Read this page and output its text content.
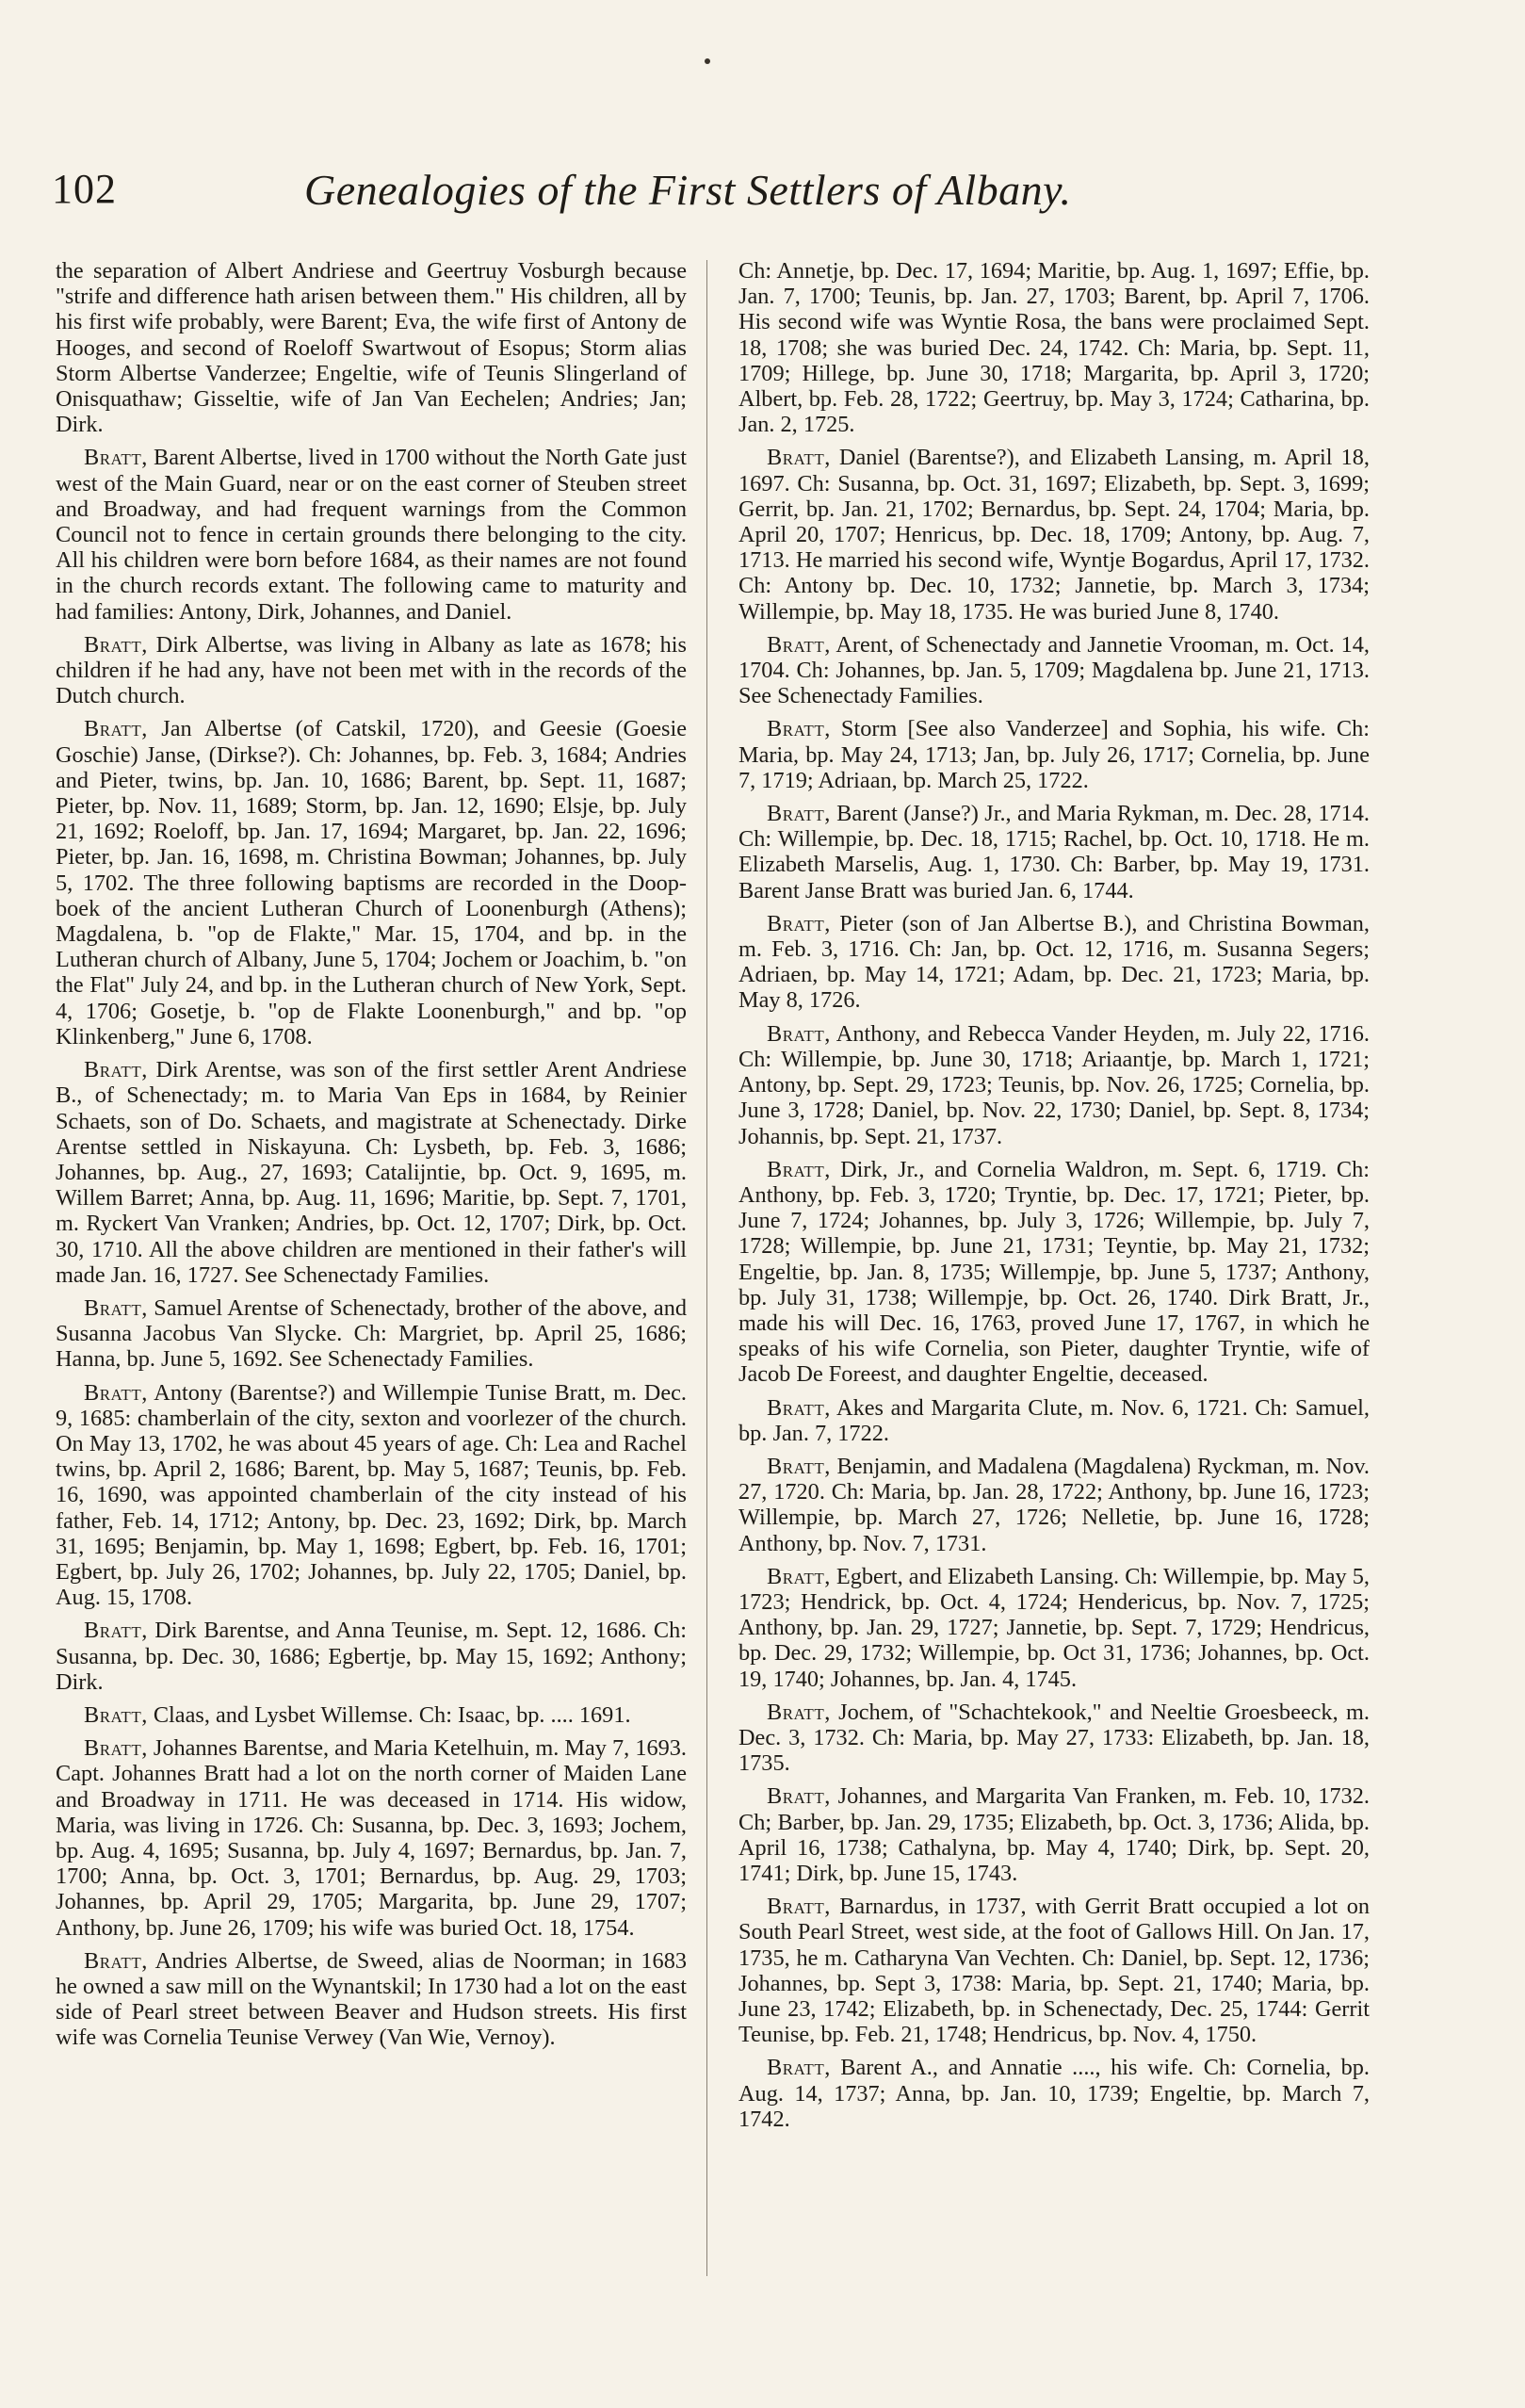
102	Genealogies of the First Settlers of Albany.

the separation of Albert Andriese and Geertruy Vosburgh because "strife and difference hath arisen between them." His children, all by his first wife probably, were Barent; Eva, the wife first of Antony de Hooges, and second of Roeloff Swartwout of Esopus; Storm alias Storm Albertse Vanderzee; Engeltie, wife of Teunis Slingerland of Onisquathaw; Gisseltie, wife of Jan Van Eechelen; Andries; Jan; Dirk.

Bratt, Barent Albertse, lived in 1700 without the North Gate just west of the Main Guard, near or on the east corner of Steuben street and Broadway, and had frequent warnings from the Common Council not to fence in certain grounds there belonging to the city. All his children were born before 1684, as their names are not found in the church records extant. The following came to maturity and had families: Antony, Dirk, Johannes, and Daniel.

Bratt, Dirk Albertse, was living in Albany as late as 1678; his children if he had any, have not been met with in the records of the Dutch church.

Bratt, Jan Albertse (of Catskil, 1720), and Geesie (Goesie Goschie) Janse, (Dirkse?). Ch: Johannes, bp. Feb. 3, 1684; Andries and Pieter, twins, bp. Jan. 10, 1686; Barent, bp. Sept. 11, 1687; Pieter, bp. Nov. 11, 1689; Storm, bp. Jan. 12, 1690; Elsje, bp. July 21, 1692; Roeloff, bp. Jan. 17, 1694; Margaret, bp. Jan. 22, 1696; Pieter, bp. Jan. 16, 1698, m. Christina Bowman; Johannes, bp. July 5, 1702. The three following baptisms are recorded in the Doop-boek of the ancient Lutheran Church of Loonenburgh (Athens); Magdalena, b. "op de Flakte," Mar. 15, 1704, and bp. in the Lutheran church of Albany, June 5, 1704; Jochem or Joachim, b. "on the Flat" July 24, and bp. in the Lutheran church of New York, Sept. 4, 1706; Gosetje, b. "op de Flakte Loonenburgh," and bp. "op Klinkenberg," June 6, 1708.

Bratt, Dirk Arentse, was son of the first settler Arent Andriese B., of Schenectady; m. to Maria Van Eps in 1684, by Reinier Schaets, son of Do. Schaets, and magistrate at Schenectady. Dirke Arentse settled in Niskayuna. Ch: Lysbeth, bp. Feb. 3, 1686; Johannes, bp. Aug., 27, 1693; Catalijntie, bp. Oct. 9, 1695, m. Willem Barret; Anna, bp. Aug. 11, 1696; Maritie, bp. Sept. 7, 1701, m. Ryckert Van Vranken; Andries, bp. Oct. 12, 1707; Dirk, bp. Oct. 30, 1710. All the above children are mentioned in their father's will made Jan. 16, 1727. See Schenectady Families.

Bratt, Samuel Arentse of Schenectady, brother of the above, and Susanna Jacobus Van Slycke. Ch: Margriet, bp. April 25, 1686; Hanna, bp. June 5, 1692. See Schenectady Families.

Bratt, Antony (Barentse?) and Willempie Tunise Bratt, m. Dec. 9, 1685: chamberlain of the city, sexton and voorlezer of the church. On May 13, 1702, he was about 45 years of age. Ch: Lea and Rachel twins, bp. April 2, 1686; Barent, bp. May 5, 1687; Teunis, bp. Feb. 16, 1690, was appointed chamberlain of the city instead of his father, Feb. 14, 1712; Antony, bp. Dec. 23, 1692; Dirk, bp. March 31, 1695; Benjamin, bp. May 1, 1698; Egbert, bp. Feb. 16, 1701; Egbert, bp. July 26, 1702; Johannes, bp. July 22, 1705; Daniel, bp. Aug. 15, 1708.

Bratt, Dirk Barentse, and Anna Teunise, m. Sept. 12, 1686. Ch: Susanna, bp. Dec. 30, 1686; Egbertje, bp. May 15, 1692; Anthony; Dirk.

Bratt, Claas, and Lysbet Willemse. Ch: Isaac, bp. .... 1691.

Bratt, Johannes Barentse, and Maria Ketelhuin, m. May 7, 1693. Capt. Johannes Bratt had a lot on the north corner of Maiden Lane and Broadway in 1711. He was deceased in 1714. His widow, Maria, was living in 1726. Ch: Susanna, bp. Dec. 3, 1693; Jochem, bp. Aug. 4, 1695; Susanna, bp. July 4, 1697; Bernardus, bp. Jan. 7, 1700; Anna, bp. Oct. 3, 1701; Bernardus, bp. Aug. 29, 1703; Johannes, bp. April 29, 1705; Margarita, bp. June 29, 1707; Anthony, bp. June 26, 1709; his wife was buried Oct. 18, 1754.

Bratt, Andries Albertse, de Sweed, alias de Noorman; in 1683 he owned a saw mill on the Wynantskil; In 1730 had a lot on the east side of Pearl street between Beaver and Hudson streets. His first wife was Cornelia Teunise Verwey (Van Wie, Vernoy).

Ch: Annetje, bp. Dec. 17, 1694; Maritie, bp. Aug. 1, 1697; Effie, bp. Jan. 7, 1700; Teunis, bp. Jan. 27, 1703; Barent, bp. April 7, 1706. His second wife was Wyntie Rosa, the bans were proclaimed Sept. 18, 1708; she was buried Dec. 24, 1742. Ch: Maria, bp. Sept. 11, 1709; Hillege, bp. June 30, 1718; Margarita, bp. April 3, 1720; Albert, bp. Feb. 28, 1722; Geertruy, bp. May 3, 1724; Catharina, bp. Jan. 2, 1725.

Bratt, Daniel (Barentse?), and Elizabeth Lansing, m. April 18, 1697. Ch: Susanna, bp. Oct. 31, 1697; Elizabeth, bp. Sept. 3, 1699; Gerrit, bp. Jan. 21, 1702; Bernardus, bp. Sept. 24, 1704; Maria, bp. April 20, 1707; Henricus, bp. Dec. 18, 1709; Antony, bp. Aug. 7, 1713. He married his second wife, Wyntje Bogardus, April 17, 1732. Ch: Antony bp. Dec. 10, 1732; Jannetie, bp. March 3, 1734; Willempie, bp. May 18, 1735. He was buried June 8, 1740.

Bratt, Arent, of Schenectady and Jannetie Vrooman, m. Oct. 14, 1704. Ch: Johannes, bp. Jan. 5, 1709; Magdalena bp. June 21, 1713. See Schenectady Families.

Bratt, Storm [See also Vanderzee] and Sophia, his wife. Ch: Maria, bp. May 24, 1713; Jan, bp. July 26, 1717; Cornelia, bp. June 7, 1719; Adriaan, bp. March 25, 1722.

Bratt, Barent (Janse?) Jr., and Maria Rykman, m. Dec. 28, 1714. Ch: Willempie, bp. Dec. 18, 1715; Rachel, bp. Oct. 10, 1718. He m. Elizabeth Marselis, Aug. 1, 1730. Ch: Barber, bp. May 19, 1731. Barent Janse Bratt was buried Jan. 6, 1744.

Bratt, Pieter (son of Jan Albertse B.), and Christina Bowman, m. Feb. 3, 1716. Ch: Jan, bp. Oct. 12, 1716, m. Susanna Segers; Adriaen, bp. May 14, 1721; Adam, bp. Dec. 21, 1723; Maria, bp. May 8, 1726.

Bratt, Anthony, and Rebecca Vander Heyden, m. July 22, 1716. Ch: Willempie, bp. June 30, 1718; Ariaantje, bp. March 1, 1721; Antony, bp. Sept. 29, 1723; Teunis, bp. Nov. 26, 1725; Cornelia, bp. June 3, 1728; Daniel, bp. Nov. 22, 1730; Daniel, bp. Sept. 8, 1734; Johannis, bp. Sept. 21, 1737.

Bratt, Dirk, Jr., and Cornelia Waldron, m. Sept. 6, 1719. Ch: Anthony, bp. Feb. 3, 1720; Tryntie, bp. Dec. 17, 1721; Pieter, bp. June 7, 1724; Johannes, bp. July 3, 1726; Willempie, bp. July 7, 1728; Willempie, bp. June 21, 1731; Teyntie, bp. May 21, 1732; Engeltie, bp. Jan. 8, 1735; Willempje, bp. June 5, 1737; Anthony, bp. July 31, 1738; Willempje, bp. Oct. 26, 1740. Dirk Bratt, Jr., made his will Dec. 16, 1763, proved June 17, 1767, in which he speaks of his wife Cornelia, son Pieter, daughter Tryntie, wife of Jacob De Foreest, and daughter Engeltie, deceased.

Bratt, Akes and Margarita Clute, m. Nov. 6, 1721. Ch: Samuel, bp. Jan. 7, 1722.

Bratt, Benjamin, and Madalena (Magdalena) Ryckman, m. Nov. 27, 1720. Ch: Maria, bp. Jan. 28, 1722; Anthony, bp. June 16, 1723; Willempie, bp. March 27, 1726; Nelletie, bp. June 16, 1728; Anthony, bp. Nov. 7, 1731.

Bratt, Egbert, and Elizabeth Lansing. Ch: Willempie, bp. May 5, 1723; Hendrick, bp. Oct. 4, 1724; Hendericus, bp. Nov. 7, 1725; Anthony, bp. Jan. 29, 1727; Jannetie, bp. Sept. 7, 1729; Hendricus, bp. Dec. 29, 1732; Willempie, bp. Oct 31, 1736; Johannes, bp. Oct. 19, 1740; Johannes, bp. Jan. 4, 1745.

Bratt, Jochem, of "Schachtekook," and Neeltie Groesbeeck, m. Dec. 3, 1732. Ch: Maria, bp. May 27, 1733: Elizabeth, bp. Jan. 18, 1735.

Bratt, Johannes, and Margarita Van Franken, m. Feb. 10, 1732. Ch; Barber, bp. Jan. 29, 1735; Elizabeth, bp. Oct. 3, 1736; Alida, bp. April 16, 1738; Cathalyna, bp. May 4, 1740; Dirk, bp. Sept. 20, 1741; Dirk, bp. June 15, 1743.

Bratt, Barnardus, in 1737, with Gerrit Bratt occupied a lot on South Pearl Street, west side, at the foot of Gallows Hill. On Jan. 17, 1735, he m. Catharyna Van Vechten. Ch: Daniel, bp. Sept. 12, 1736; Johannes, bp. Sept 3, 1738: Maria, bp. Sept. 21, 1740; Maria, bp. June 23, 1742; Elizabeth, bp. in Schenectady, Dec. 25, 1744: Gerrit Teunise, bp. Feb. 21, 1748; Hendricus, bp. Nov. 4, 1750.

Bratt, Barent A., and Annatie ...., his wife. Ch: Cornelia, bp. Aug. 14, 1737; Anna, bp. Jan. 10, 1739; Engeltie, bp. March 7, 1742.
